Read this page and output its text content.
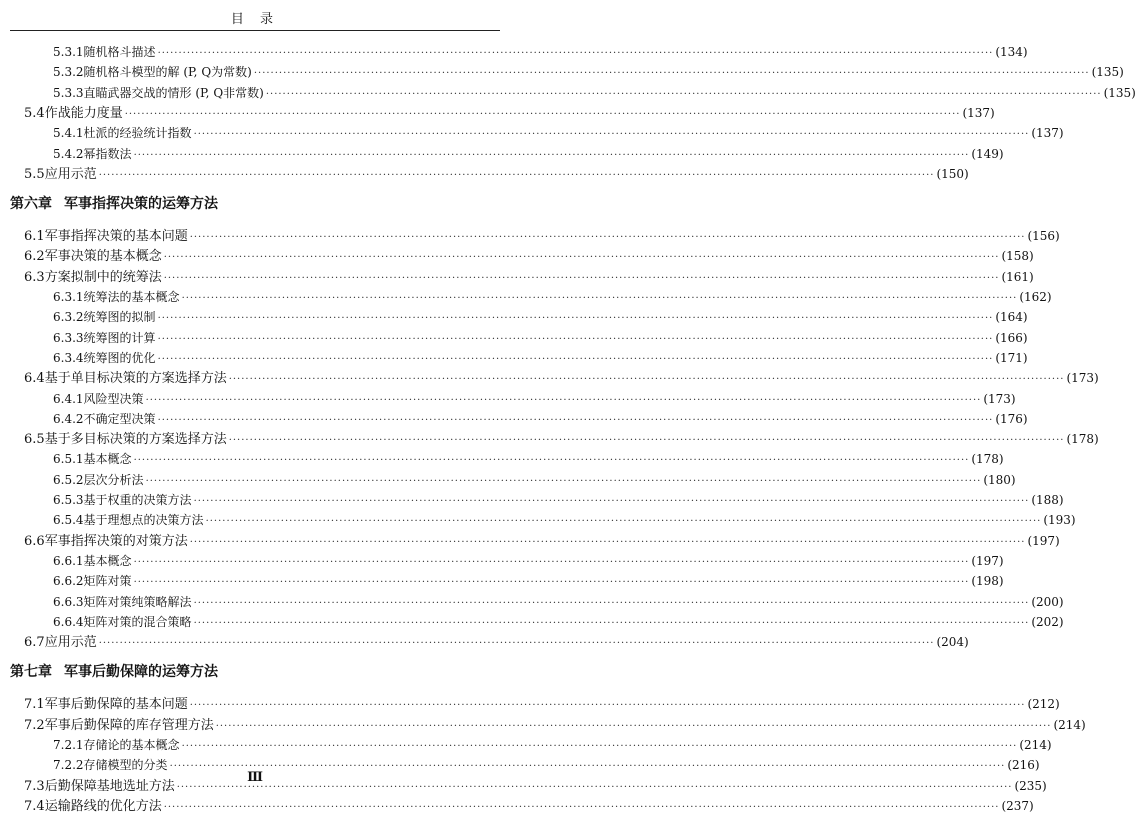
目 录
5.3.1 随机格斗描述 ········································································································································································································ (134)
5.3.2 随机格斗模型的解 (P, Q为常数) ········································································································································································································ (135)
5.3.3 直瞄武器交战的情形 (P, Q非常数) ········································································································································································································ (135)
5.4 作战能力度量 ········································································································································································································ (137)
5.4.1 杜派的经验统计指数 ········································································································································································································ (137)
5.4.2 幂指数法 ········································································································································································································ (149)
5.5 应用示范 ········································································································································································································ (150)
第六章 军事指挥决策的运筹方法
6.1 军事指挥决策的基本问题 ········································································································································································································ (156)
6.2 军事决策的基本概念 ········································································································································································································ (158)
6.3 方案拟制中的统筹法 ········································································································································································································ (161)
6.3.1 统筹法的基本概念 ········································································································································································································ (162)
6.3.2 统筹图的拟制 ········································································································································································································ (164)
6.3.3 统筹图的计算 ········································································································································································································ (166)
6.3.4 统筹图的优化 ········································································································································································································ (171)
6.4 基于单目标决策的方案选择方法 ········································································································································································································ (173)
6.4.1 风险型决策 ········································································································································································································ (173)
6.4.2 不确定型决策 ········································································································································································································ (176)
6.5 基于多目标决策的方案选择方法 ········································································································································································································ (178)
6.5.1 基本概念 ········································································································································································································ (178)
6.5.2 层次分析法 ········································································································································································································ (180)
6.5.3 基于权重的决策方法 ········································································································································································································ (188)
6.5.4 基于理想点的决策方法 ········································································································································································································ (193)
6.6 军事指挥决策的对策方法 ········································································································································································································ (197)
6.6.1 基本概念 ········································································································································································································ (197)
6.6.2 矩阵对策 ········································································································································································································ (198)
6.6.3 矩阵对策纯策略解法 ········································································································································································································ (200)
6.6.4 矩阵对策的混合策略 ········································································································································································································ (202)
6.7 应用示范 ········································································································································································································ (204)
第七章 军事后勤保障的运筹方法
7.1 军事后勤保障的基本问题 ········································································································································································································ (212)
7.2 军事后勤保障的库存管理方法 ········································································································································································································ (214)
7.2.1 存储论的基本概念 ········································································································································································································ (214)
7.2.2 存储模型的分类 ········································································································································································································ (216)
7.3 后勤保障基地选址方法 ········································································································································································································ (235)
7.4 运输路线的优化方法 ········································································································································································································ (237)
Ⅲ
